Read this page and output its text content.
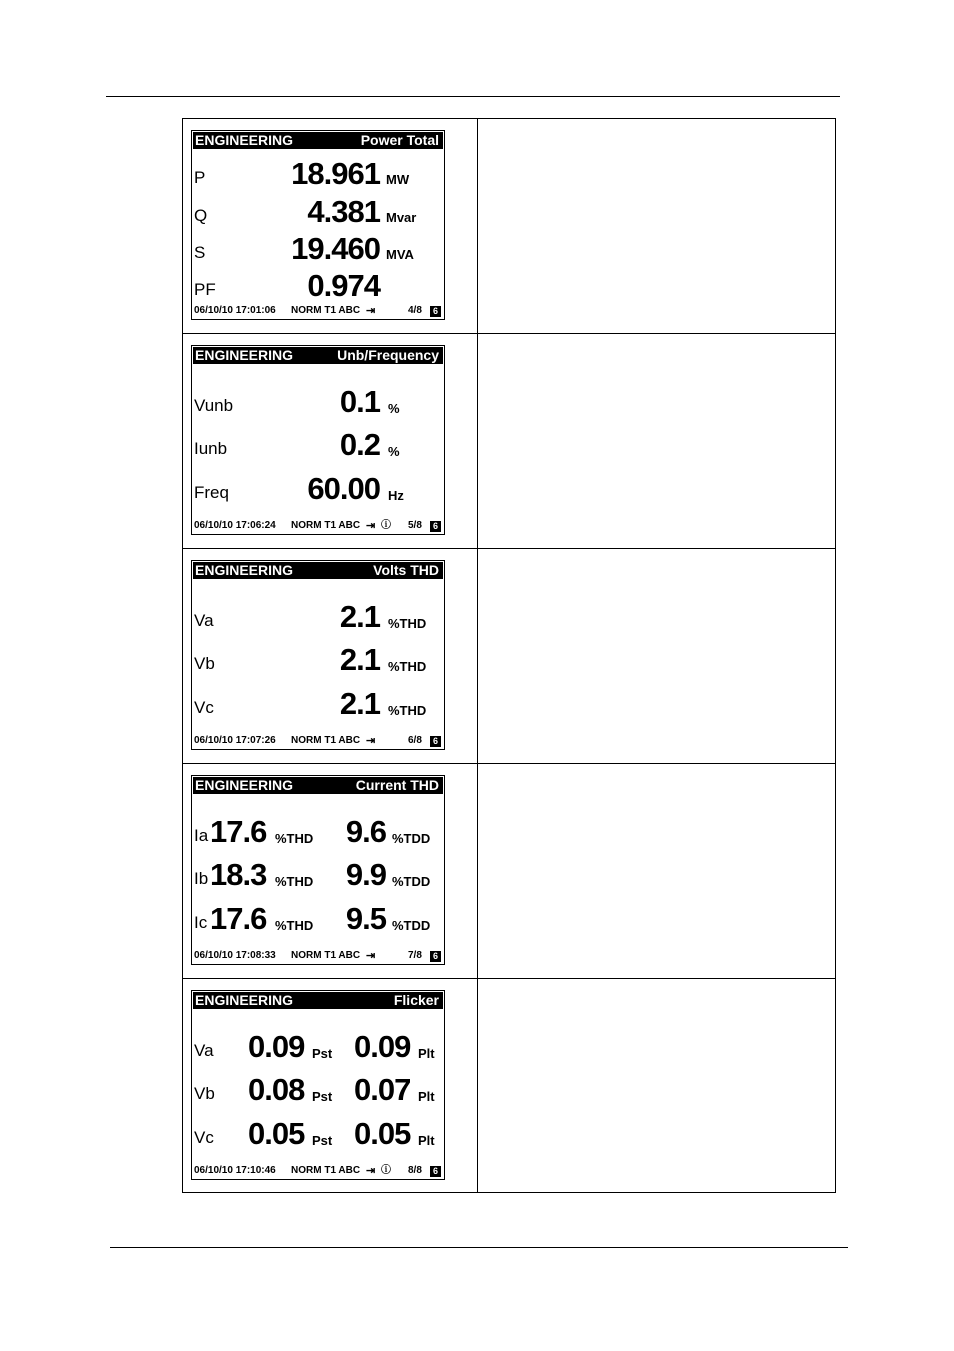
ENGINEERING	Power Total
P	18.961 MW
Q	4.381 Mvar
S	19.460 MVA
PF	0.974
06/10/10 17:01:06 NORM T1 ABC ⇥	4/8	6
ENGINEERING	Unb/Frequency
Vunb	0.1 %
Iunb	0.2 %
Freq	60.00 Hz
06/10/10 17:06:24 NORM T1 ABC ⇥ ⓘ 5/8	6
ENGINEERING	Volts THD
Va	2.1 %THD
Vb	2.1 %THD
Vc	2.1 %THD
06/10/10 17:07:26 NORM T1 ABC ⇥	6/8	6
ENGINEERING	Current THD
Ia 17.6 %THD 9.6 %TDD
Ib 18.3 %THD 9.9 %TDD
Ic 17.6 %THD 9.5 %TDD
06/10/10 17:08:33 NORM T1 ABC ⇥	7/8	6
ENGINEERING	Flicker
Va 0.09 Pst 0.09 Plt
Vb 0.08 Pst 0.07 Plt
Vc 0.05 Pst 0.05 Plt
06/10/10 17:10:46 NORM T1 ABC ⇥ ⓘ 8/8	6
